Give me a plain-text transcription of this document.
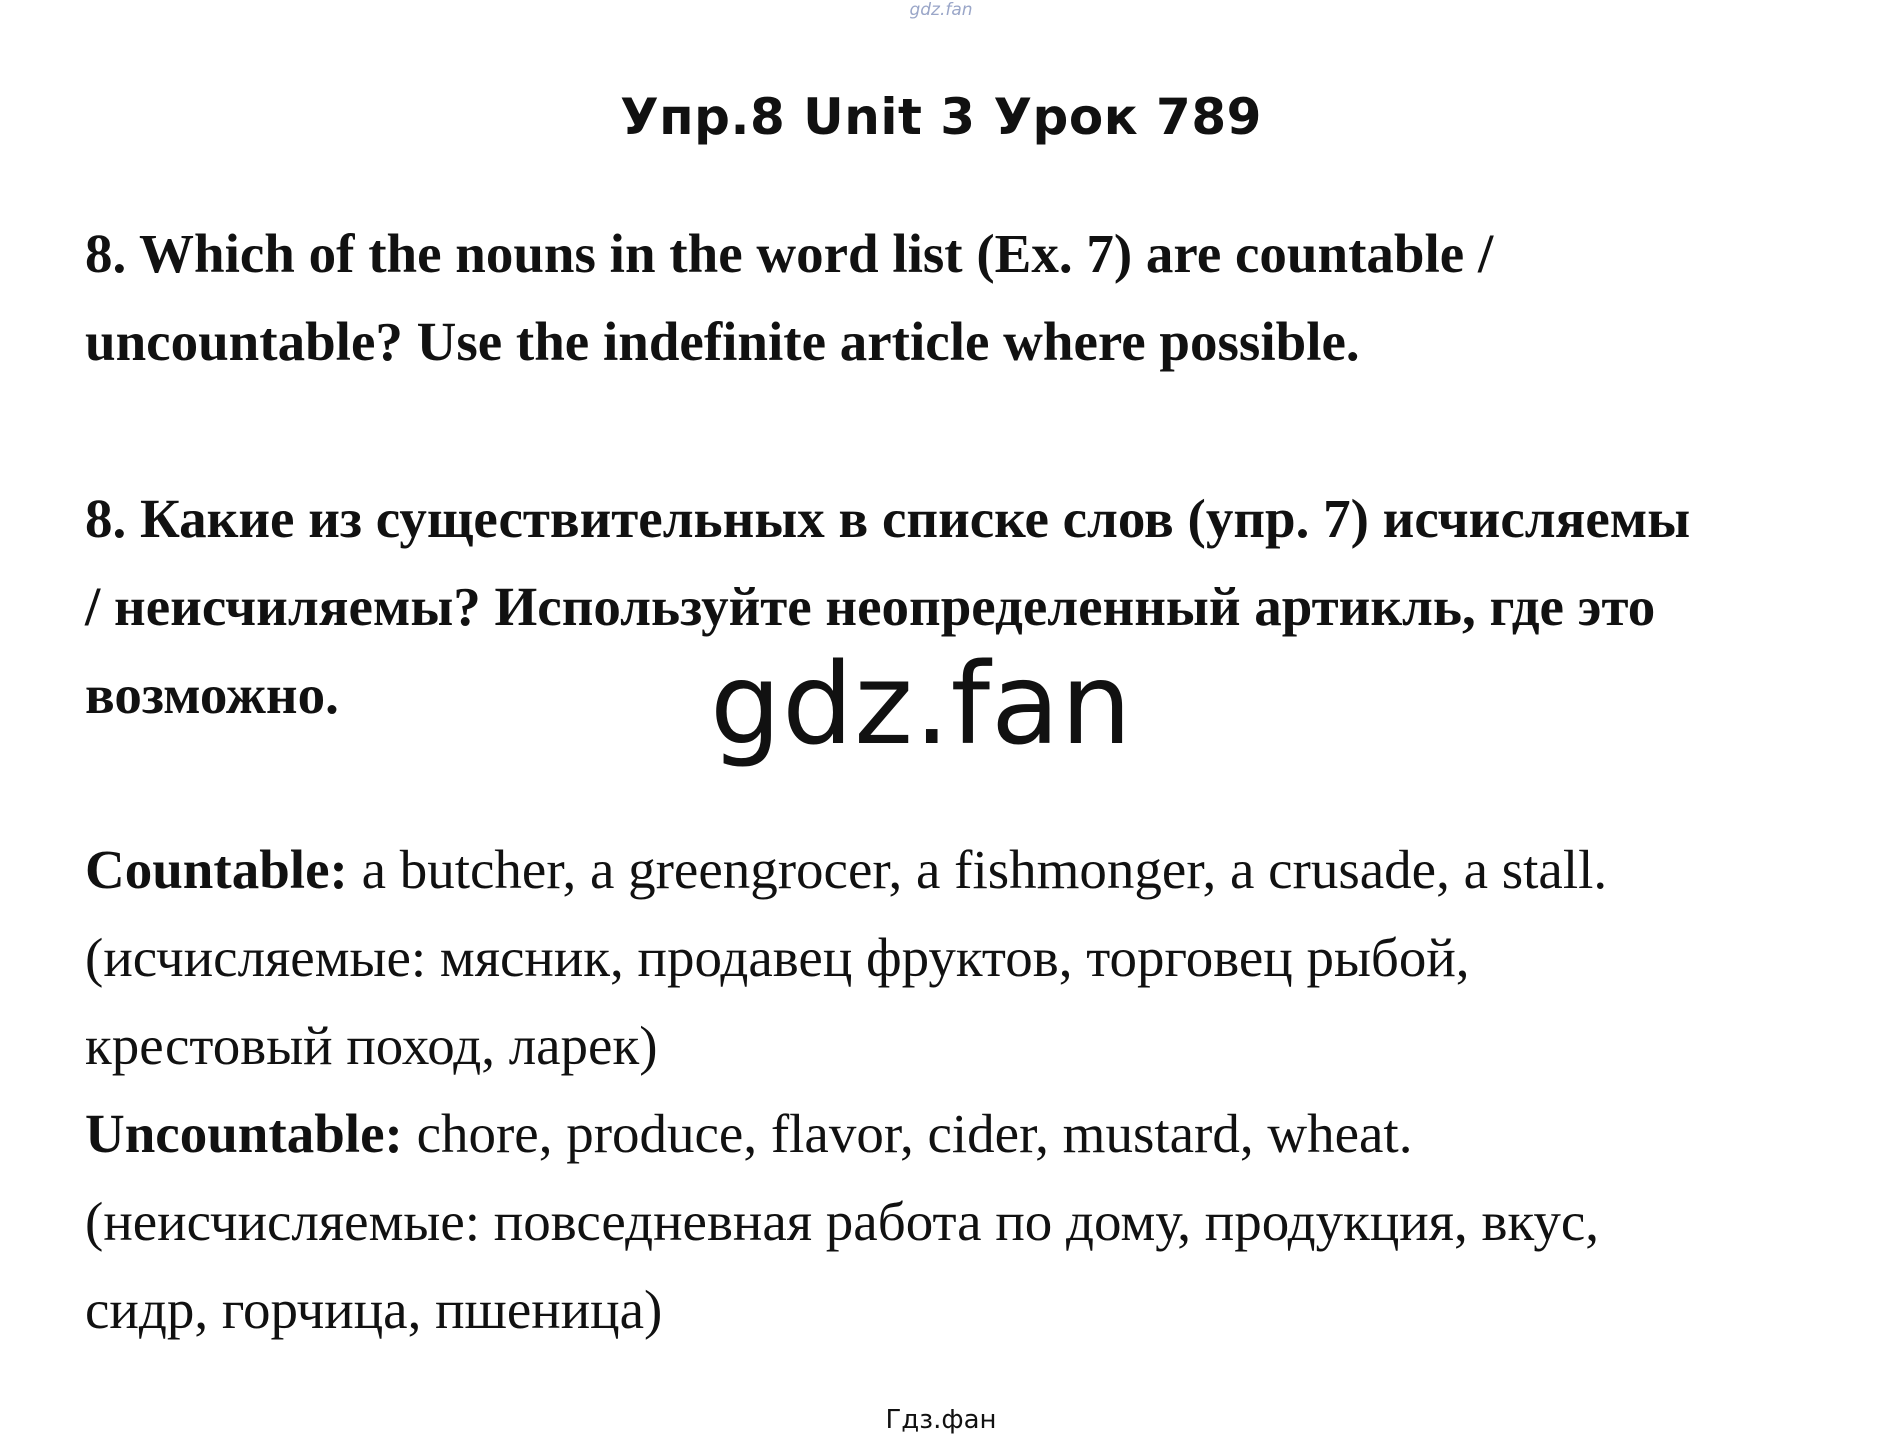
gdz.fan
Упр.8 Unit 3 Урок 789
8. Which of the nouns in the word list (Ex. 7) are countable /
uncountable? Use the indefinite article where possible.
8. Какие из существительных в списке слов (упр. 7) исчисляемы
/ неисчиляемы? Используйте неопределенный артикль, где это
возможно.	gdz.fan
Countable: a butcher, a greengrocer, a fishmonger, a crusade, a stall.
(исчисляемые: мясник, продавец фруктов, торговец рыбой,
крестовый поход, ларек)
Uncountable: chore, produce, flavor, cider, mustard, wheat.
(неисчисляемые: повседневная работа по дому, продукция, вкус,
сидр, горчица, пшеница)
Гдз.фан
